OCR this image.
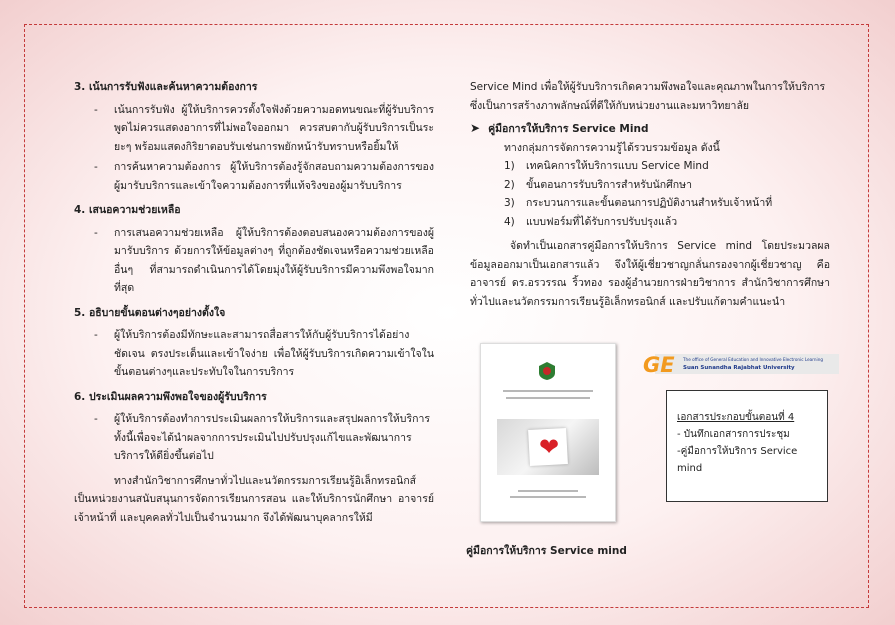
3. เน้นการรับฟังและค้นหาความต้องการ
- เน้นการรับฟัง ผู้ให้บริการควรตั้งใจฟังด้วยความอดทนขณะที่ผู้รับบริการพูดไม่ควรแสดงอาการที่ไม่พอใจออกมา ควรสบตากับผู้รับบริการเป็นระยะๆ พร้อมแสดงกิริยาตอบรับเช่นการพยักหน้ารับทราบหรือยิ้มให้
- การค้นหาความต้องการ ผู้ให้บริการต้องรู้จักสอบถามความต้องการของผู้มารับบริการและเข้าใจความต้องการที่แท้จริงของผู้มารับบริการ
4. เสนอความช่วยเหลือ
- การเสนอความช่วยเหลือ ผู้ให้บริการต้องตอบสนองความต้องการของผู้มารับบริการ ด้วยการให้ข้อมูลต่างๆ ที่ถูกต้องชัดเจนหรือความช่วยเหลืออื่นๆ ที่สามารถดำเนินการได้โดยมุ่งให้ผู้รับบริการมีความพึงพอใจมากที่สุด
5. อธิบายขั้นตอนต่างๆอย่างตั้งใจ
- ผู้ให้บริการต้องมีทักษะและสามารถสื่อสารให้กับผู้รับบริการได้อย่างชัดเจน ตรงประเด็นและเข้าใจง่าย เพื่อให้ผู้รับบริการเกิดความเข้าใจในขั้นตอนต่างๆและประทับใจในการบริการ
6. ประเมินผลความพึงพอใจของผู้รับบริการ
- ผู้ให้บริการต้องทำการประเมินผลการให้บริการและสรุปผลการให้บริการ ทั้งนี้เพื่อจะได้นำผลจากการประเมินไปปรับปรุงแก้ไขและพัฒนาการบริการให้ดียิ่งขึ้นต่อไป

ทางสำนักวิชาการศึกษาทั่วไปและนวัตกรรมการเรียนรู้อิเล็กทรอนิกส์ เป็นหน่วยงานสนับสนุนการจัดการเรียนการสอน และให้บริการนักศึกษา อาจารย์ เจ้าหน้าที่ และบุคคลทั่วไปเป็นจำนวนมาก จึงได้พัฒนาบุคลากรให้มี

Service Mind เพื่อให้ผู้รับบริการเกิดความพึงพอใจและคุณภาพในการให้บริการ

ซึ่งเป็นการสร้างภาพลักษณ์ที่ดีให้กับหน่วยงานและมหาวิทยาลัย

➤ คู่มือการให้บริการ Service Mind
ทางกลุ่มการจัดการความรู้ได้รวบรวมข้อมูล ดังนี้
1) เทคนิคการให้บริการแบบ Service Mind
2) ขั้นตอนการรับบริการสำหรับนักศึกษา
3) กระบวนการและขั้นตอนการปฏิบัติงานสำหรับเจ้าหน้าที่
4) แบบฟอร์มที่ได้รับการปรับปรุงแล้ว

จัดทำเป็นเอกสารคู่มือการให้บริการ Service mind โดยประมวลผลข้อมูลออกมาเป็นเอกสารแล้ว จึงให้ผู้เชี่ยวชาญกลั่นกรองจากผู้เชี่ยวชาญ คือ อาจารย์ ดร.อรวรรณ ริ้วทอง รองผู้อำนวยการฝ่ายวิชาการ สำนักวิชาการศึกษาทั่วไปและนวัตกรรมการเรียนรู้อิเล็กทรอนิกส์ และปรับแก้ตามคำแนะนำ

❤
คู่มือการให้บริการ Service mind
GE The office of General Education and Innovative Electronic Learning
Suan Sunandha Rajabhat University
เอกสารประกอบขั้นตอนที่ 4
- บันทึกเอกสารการประชุม
-คู่มือการให้บริการ Service mind
